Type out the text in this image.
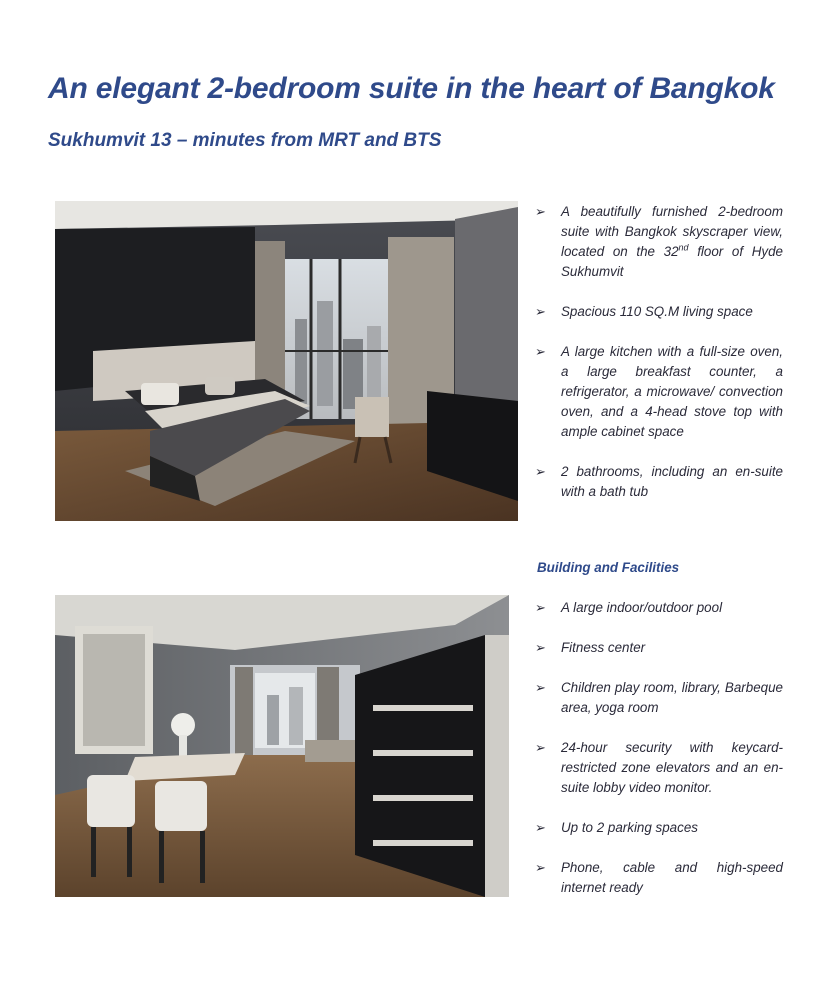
An elegant 2-bedroom suite in the heart of Bangkok
Sukhumvit 13 – minutes from MRT and BTS
➢ A beautifully furnished 2-bedroom suite with Bangkok skyscraper view, located on the 32nd floor of Hyde Sukhumvit
➢ Spacious 110 SQ.M living space
➢ A large kitchen with a full-size oven, a large breakfast counter, a refrigerator, a microwave/ convection oven, and a 4-head stove top with ample cabinet space
➢ 2 bathrooms, including an en-suite with a bath tub
Building and Facilities
➢ A large indoor/outdoor pool
➢ Fitness center
➢ Children play room, library, Barbeque area, yoga room
➢ 24-hour security with keycard-restricted zone elevators and an en-suite lobby video monitor.
➢ Up to 2 parking spaces
➢ Phone, cable and high-speed internet ready
